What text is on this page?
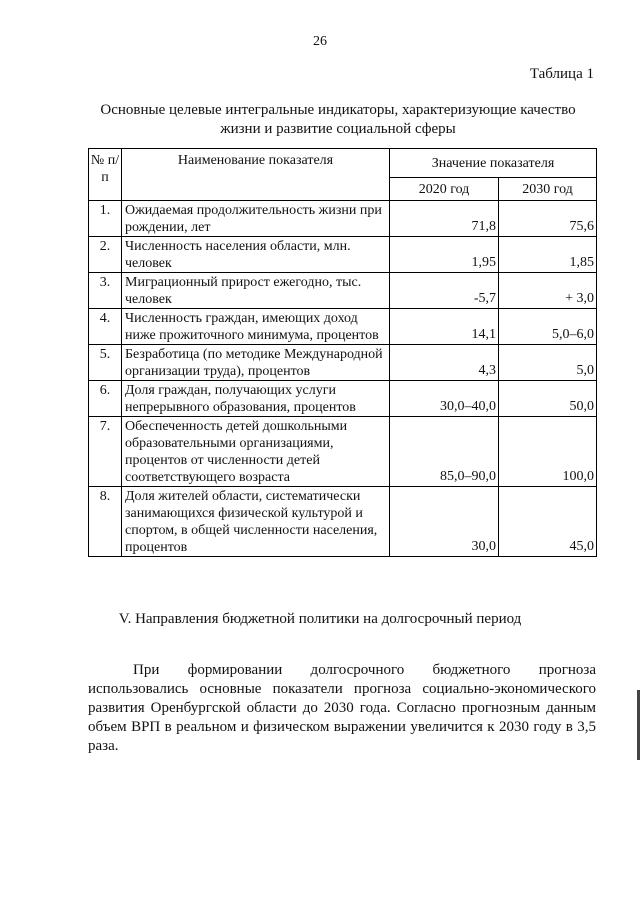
26
Таблица 1
Основные целевые интегральные индикаторы, характеризующие качество жизни и развитие социальной сферы
№ п/п	Наименование показателя	Значение показателя	
		2020 год	2030 год
1.	Ожидаемая продолжительность жизни при рождении, лет	71,8	75,6
2.	Численность населения области, млн. человек	1,95	1,85
3.	Миграционный прирост ежегодно, тыс. человек	-5,7	+ 3,0
4.	Численность граждан, имеющих доход ниже прожиточного минимума, процентов	14,1	5,0–6,0
5.	Безработица (по методике Международной организации труда), процентов	4,3	5,0
6.	Доля граждан, получающих услуги непрерывного образования, процентов	30,0–40,0	50,0
7.	Обеспеченность детей дошкольными образовательными организациями, процентов от численности детей соответствующего возраста	85,0–90,0	100,0
8.	Доля жителей области, систематически занимающихся физической культурой и спортом, в общей численности населения, процентов	30,0	45,0
V. Направления бюджетной политики на долгосрочный период

При формировании долгосрочного бюджетного прогноза использовались основные показатели прогноза социально-экономического развития Оренбургской области до 2030 года. Согласно прогнозным данным объем ВРП в реальном и физическом выражении увеличится к 2030 году в 3,5 раза.
